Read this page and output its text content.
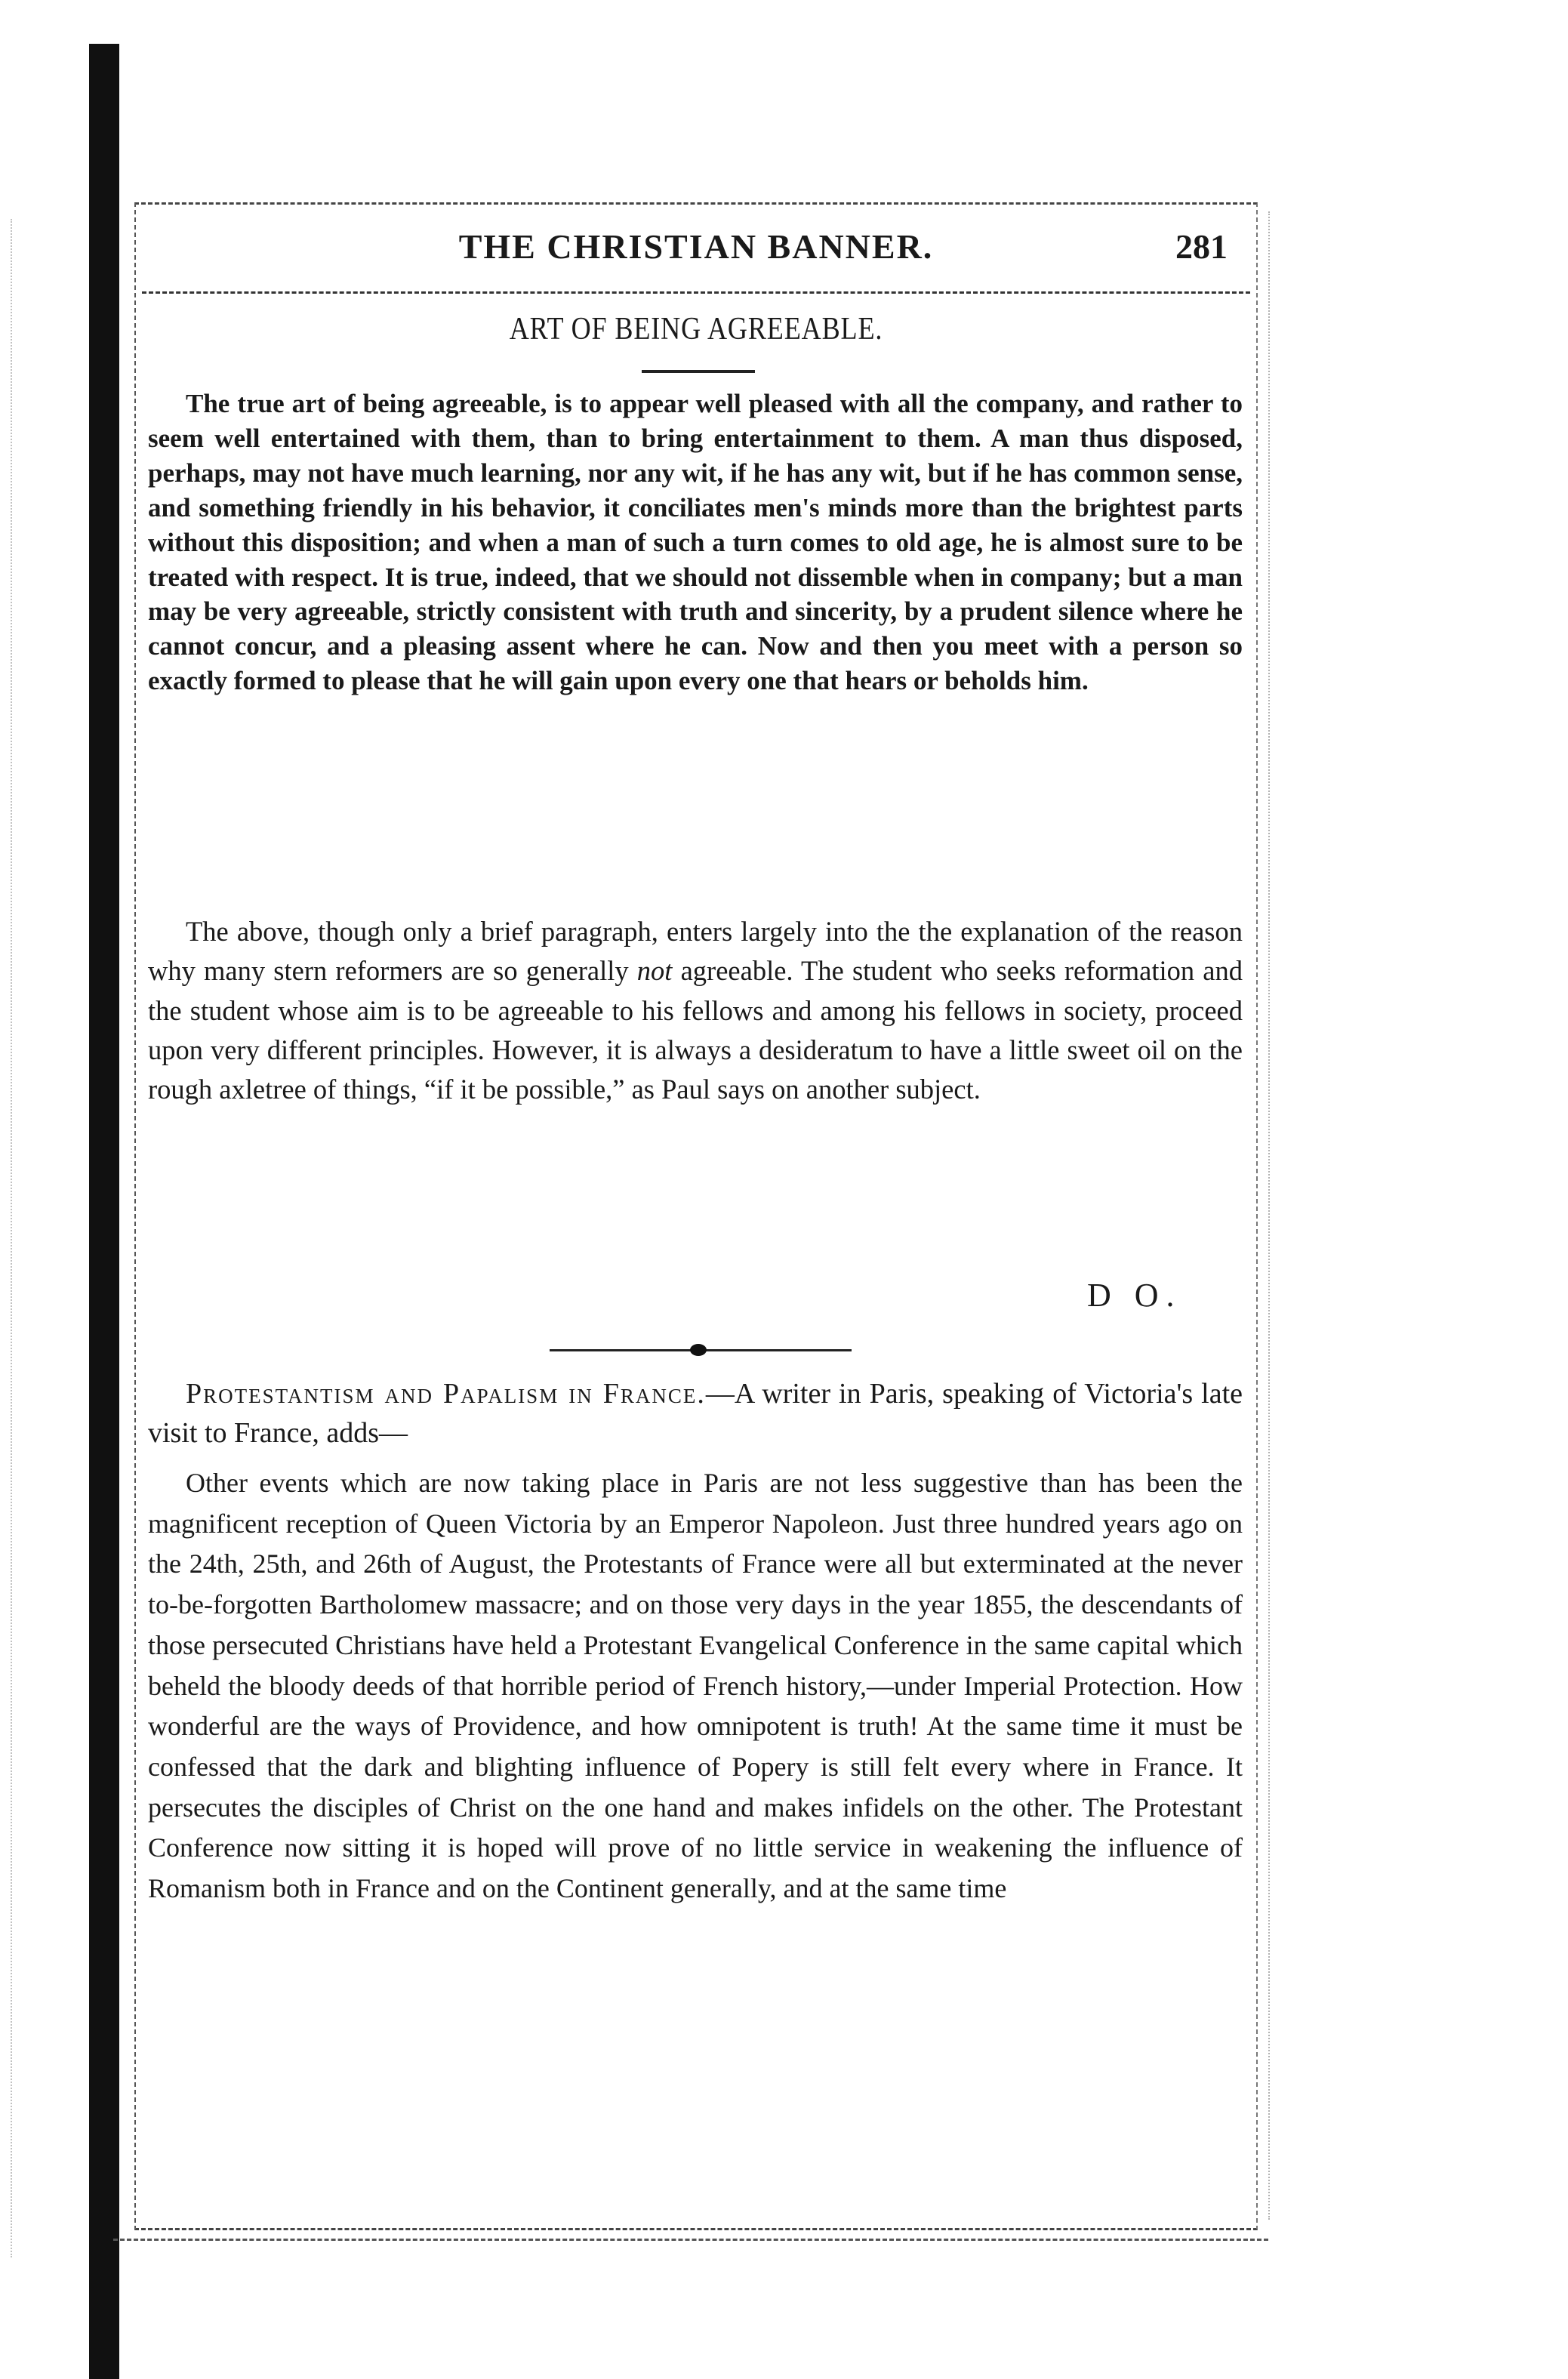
THE CHRISTIAN BANNER.	281
ART OF BEING AGREEABLE.

The true art of being agreeable, is to appear well pleased with all the company, and rather to seem well entertained with them, than to bring entertainment to them. A man thus disposed, perhaps, may not have much learning, nor any wit, if he has any wit, but if he has common sense, and something friendly in his behavior, it conciliates men's minds more than the brightest parts without this disposition; and when a man of such a turn comes to old age, he is almost sure to be treated with respect. It is true, indeed, that we should not dissemble when in company; but a man may be very agreeable, strictly consistent with truth and sincerity, by a prudent silence where he cannot concur, and a pleasing assent where he can. Now and then you meet with a person so exactly formed to please that he will gain upon every one that hears or beholds him.

The above, though only a brief paragraph, enters largely into the the explanation of the reason why many stern reformers are so generally not agreeable. The student who seeks reformation and the student whose aim is to be agreeable to his fellows and among his fellows in society, proceed upon very different principles. However, it is always a desideratum to have a little sweet oil on the rough axletree of things, “if it be possible,” as Paul says on another subject.

D O.

Protestantism and Papalism in France.—A writer in Paris, speaking of Victoria's late visit to France, adds—

Other events which are now taking place in Paris are not less suggestive than has been the magnificent reception of Queen Victoria by an Emperor Napoleon. Just three hundred years ago on the 24th, 25th, and 26th of August, the Protestants of France were all but exterminated at the never to-be-forgotten Bartholomew massacre; and on those very days in the year 1855, the descendants of those persecuted Christians have held a Protestant Evangelical Conference in the same capital which beheld the bloody deeds of that horrible period of French history,—under Imperial Protection. How wonderful are the ways of Providence, and how omnipotent is truth! At the same time it must be confessed that the dark and blighting influence of Popery is still felt every where in France. It persecutes the disciples of Christ on the one hand and makes infidels on the other. The Protestant Conference now sitting it is hoped will prove of no little service in weakening the influence of Romanism both in France and on the Continent generally, and at the same time
